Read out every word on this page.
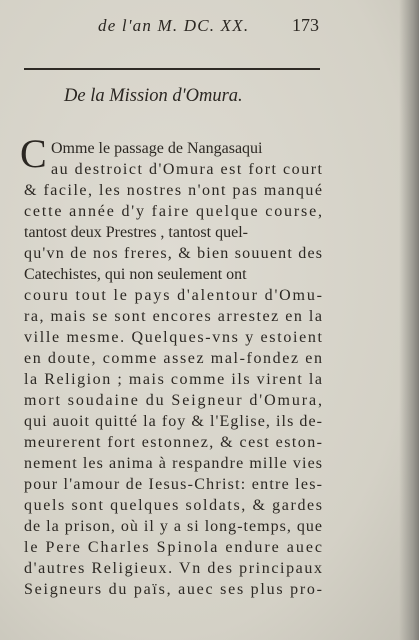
de l'an M. DC. XX. 173
De la Mission d'Omura.
C Omme le passage de Nangasaqui
au destroict d'Omura est fort court
& facile, les nostres n'ont pas manqué
cette année d'y faire quelque course,
tantost deux Prestres , tantost quel-
qu'vn de nos freres, & bien souuent des
Catechistes, qui non seulement ont
couru tout le pays d'alentour d'Omu-
ra, mais se sont encores arrestez en la
ville mesme. Quelques-vns y estoient
en doute, comme assez mal-fondez en
la Religion ; mais comme ils virent la
mort soudaine du Seigneur d'Omura,
qui auoit quitté la foy & l'Eglise, ils de-
meurerent fort estonnez, & cest eston-
nement les anima à respandre mille vies
pour l'amour de Iesus-Christ: entre les-
quels sont quelques soldats, & gardes
de la prison, où il y a si long-temps, que
le Pere Charles Spinola endure auec
d'autres Religieux. Vn des principaux
Seigneurs du païs, auec ses plus pro-
